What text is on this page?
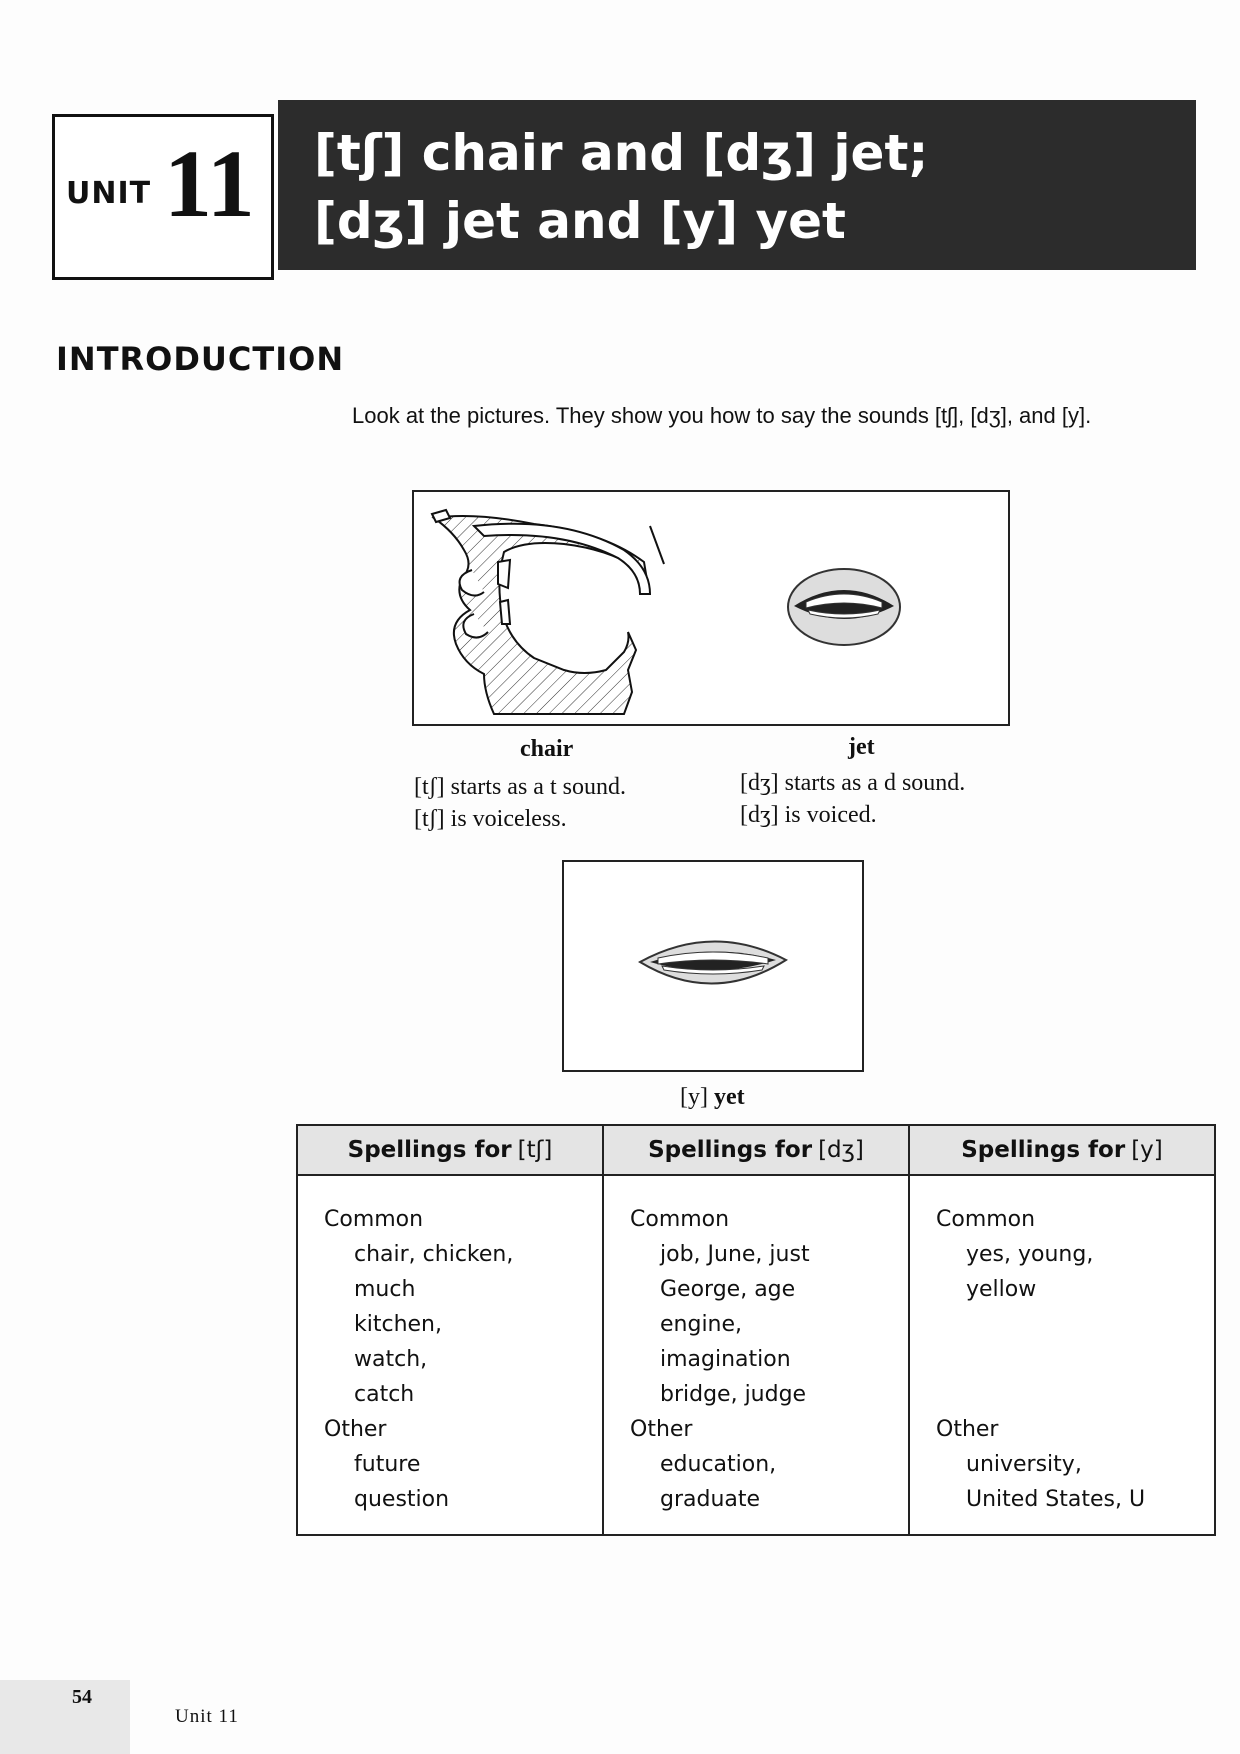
UNIT 11 [tʃ] chair and [dʒ] jet;
[dʒ] jet and [y] yet
INTRODUCTION
Look at the pictures. They show you how to say the sounds [tʃ], [dʒ], and [y].
chair
[tʃ] starts as a t sound.
[tʃ] is voiceless.
jet
[dʒ] starts as a d sound.
[dʒ] is voiced.
[y] yet
Spellings for [tʃ]
Common
chair, chicken,
much
kitchen,
watch,
catch
Other
future
question
Spellings for [dʒ]
Common
job, June, just
George, age
engine,
imagination
bridge, judge
Other
education,
graduate
Spellings for [y]
Common
yes, young,
yellow
Other
university,
United States, U
54
Unit 11
